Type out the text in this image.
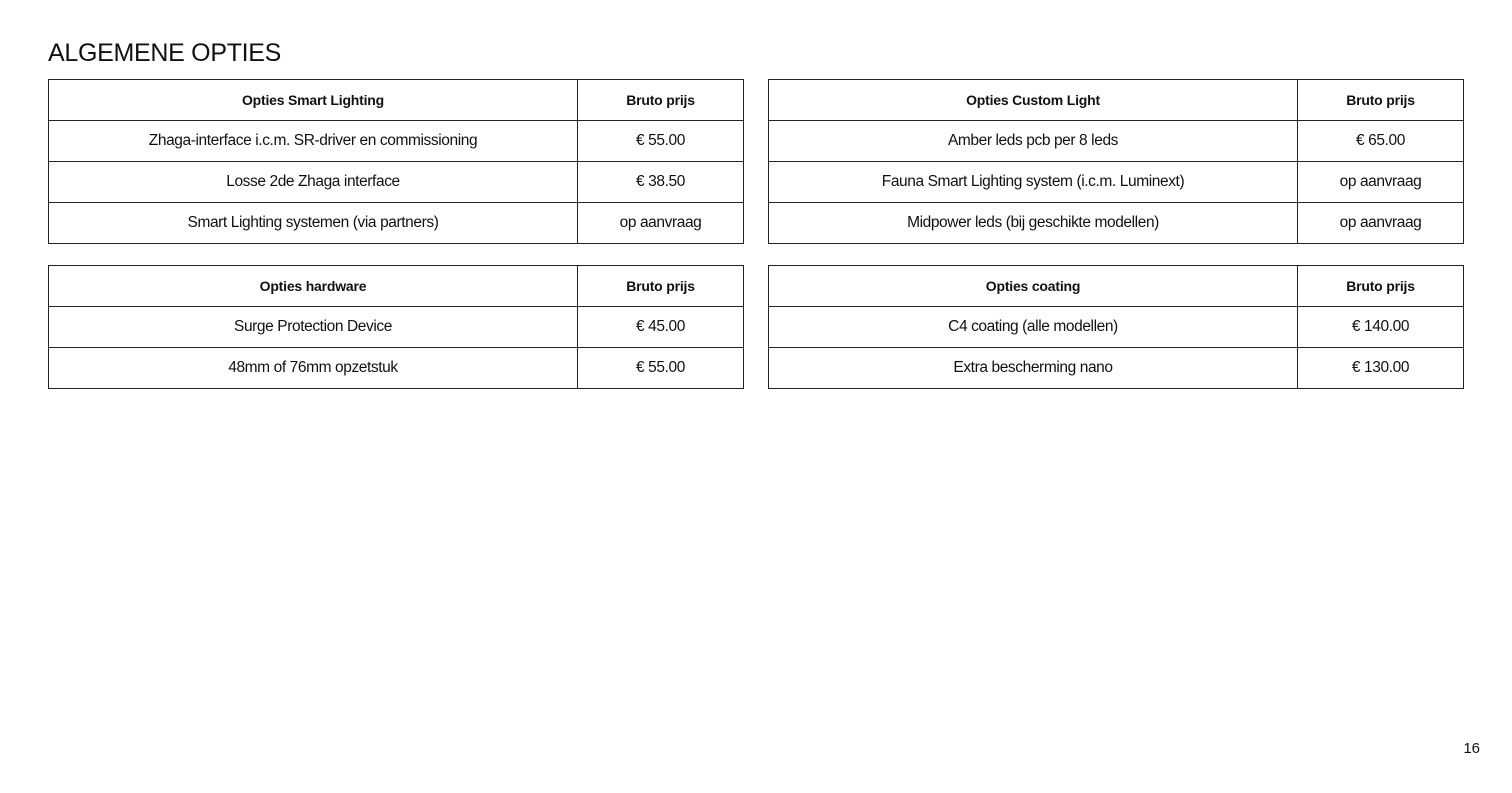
ALGEMENE OPTIES
Opties Smart Lighting	Bruto prijs
Zhaga-interface i.c.m. SR-driver en commissioning	€ 55.00
Losse 2de Zhaga interface	€ 38.50
Smart Lighting systemen (via partners)	op aanvraag
Opties Custom Light	Bruto prijs
Amber leds pcb per 8 leds	€ 65.00
Fauna Smart Lighting system (i.c.m. Luminext)	op aanvraag
Midpower leds (bij geschikte modellen)	op aanvraag
Opties hardware	Bruto prijs
Surge Protection Device	€ 45.00
48mm of 76mm opzetstuk	€ 55.00
Opties coating	Bruto prijs
C4 coating (alle modellen)	€ 140.00
Extra bescherming nano	€ 130.00
16
